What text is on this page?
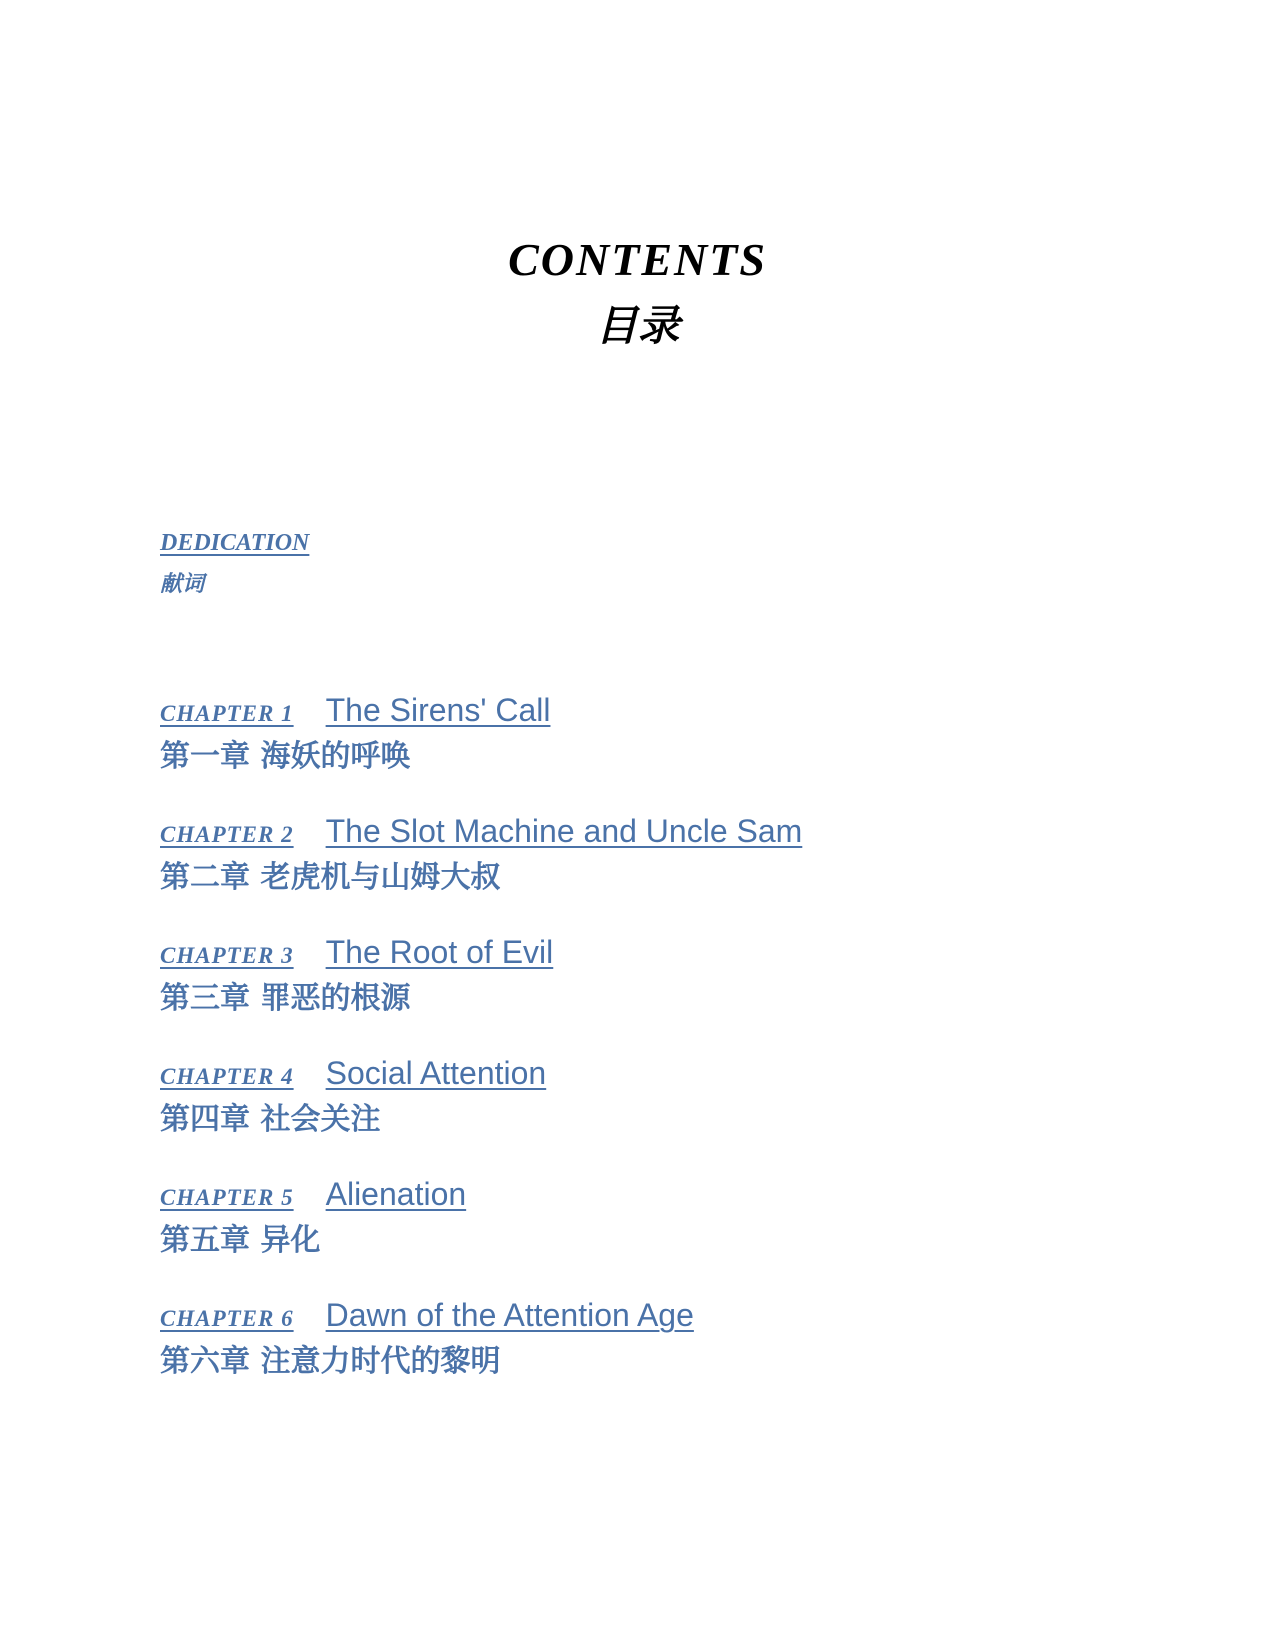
CONTENTS
目录
DEDICATION
献词
CHAPTER 1 The Sirens' Call
第一章 海妖的呼唤
CHAPTER 2 The Slot Machine and Uncle Sam
第二章 老虎机与山姆大叔
CHAPTER 3 The Root of Evil
第三章 罪恶的根源
CHAPTER 4 Social Attention
第四章 社会关注
CHAPTER 5 Alienation
第五章 异化
CHAPTER 6 Dawn of the Attention Age
第六章 注意力时代的黎明
